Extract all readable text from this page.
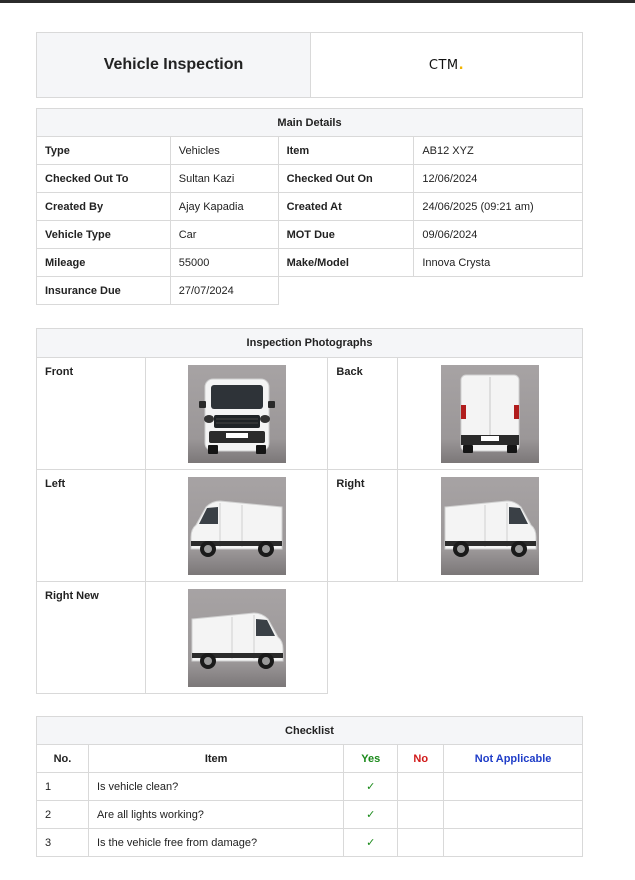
Vehicle Inspection	CTM .
Main Details			
Type	Vehicles	Item	AB12 XYZ
Checked Out To	Sultan Kazi	Checked Out On	12/06/2024
Created By	Ajay Kapadia	Created At	24/06/2025 (09:21 am)
Vehicle Type	Car	MOT Due	09/06/2024
Mileage	55000	Make/Model	Innova Crysta
Insurance Due	27/07/2024		
Inspection Photographs			
Front		Back	
Left		Right	
Right New		
Checklist				
No.	Item	Yes	No	Not Applicable
1	Is vehicle clean?	✓		
2	Are all lights working?	✓		
3	Is the vehicle free from damage?	✓		
